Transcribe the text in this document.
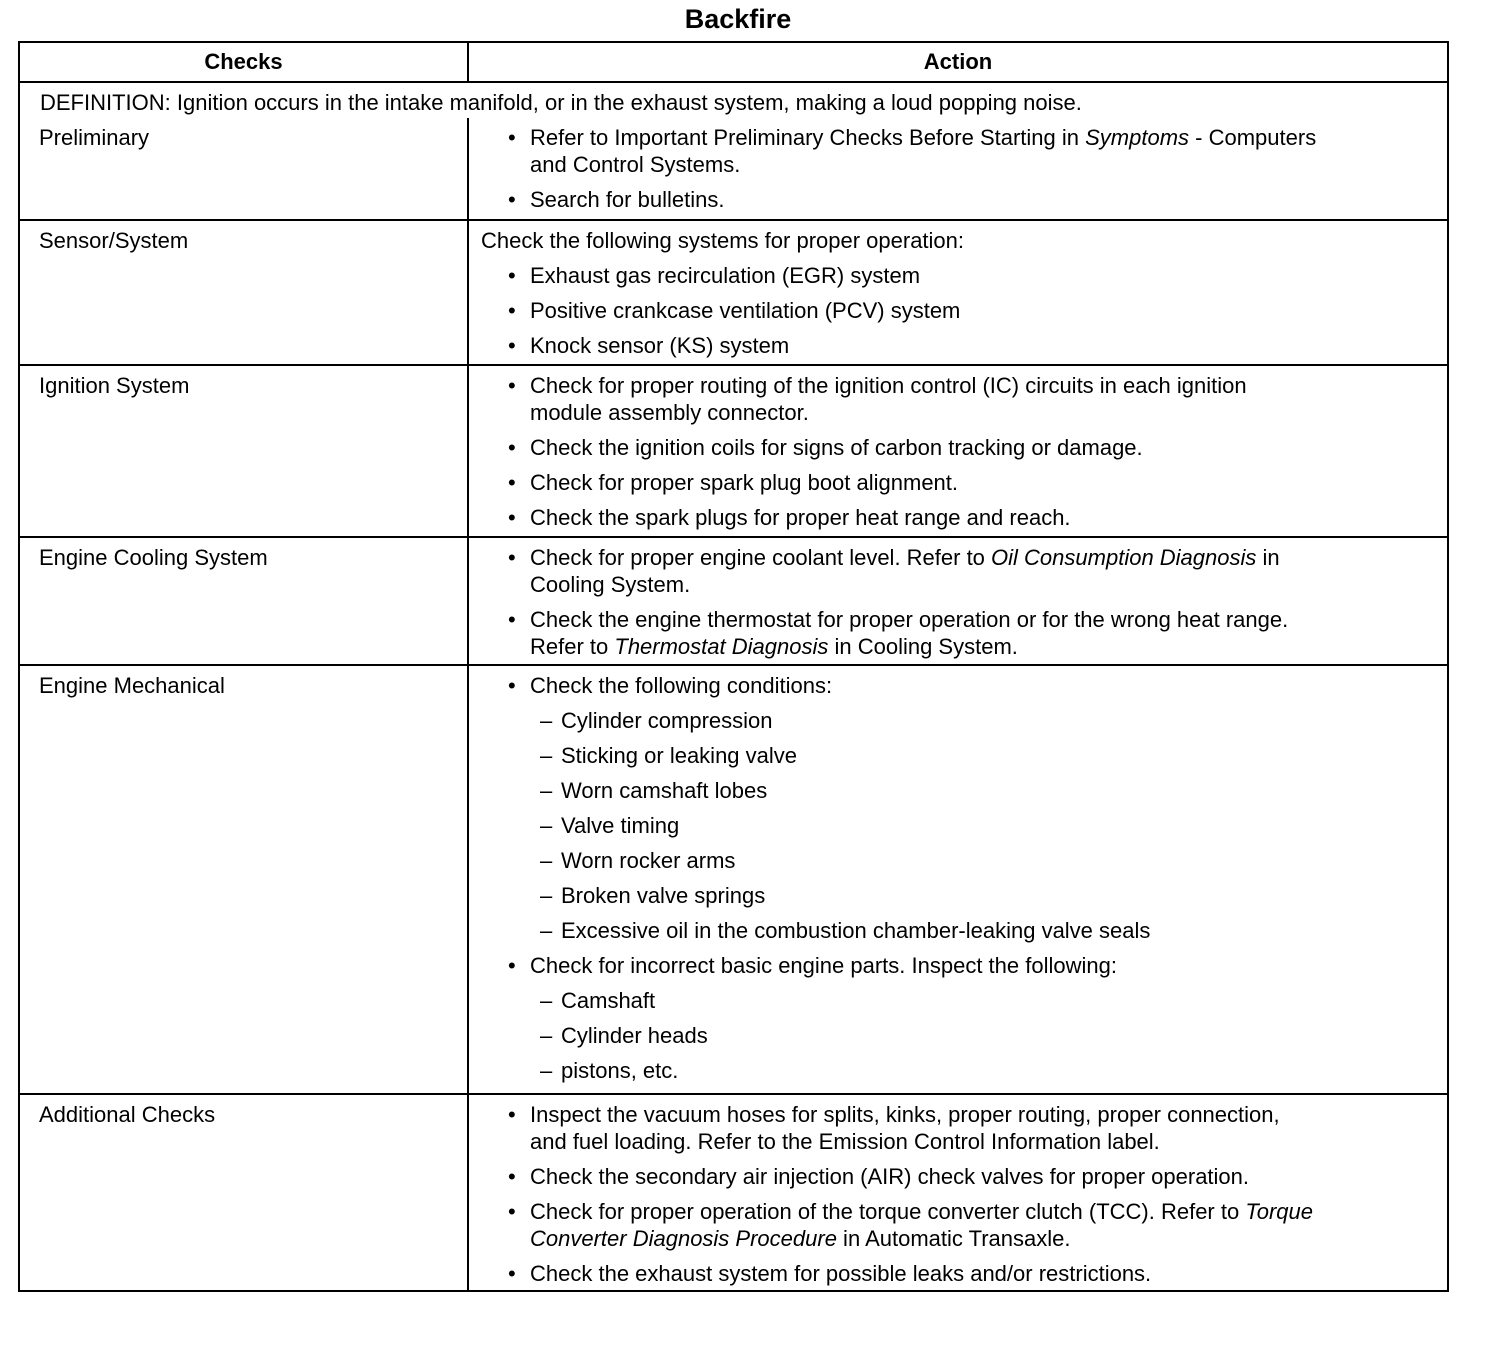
Backfire
Checks	Action
DEFINITION: Ignition occurs in the intake manifold, or in the exhaust system, making a loud popping noise.
Preliminary	• Refer to Important Preliminary Checks Before Starting in Symptoms - Computers
and Control Systems.
• Search for bulletins.
Sensor/System	Check the following systems for proper operation:
• Exhaust gas recirculation (EGR) system
• Positive crankcase ventilation (PCV) system
• Knock sensor (KS) system
Ignition System	• Check for proper routing of the ignition control (IC) circuits in each ignition
module assembly connector.
• Check the ignition coils for signs of carbon tracking or damage.
• Check for proper spark plug boot alignment.
• Check the spark plugs for proper heat range and reach.
Engine Cooling System	• Check for proper engine coolant level. Refer to Oil Consumption Diagnosis in
Cooling System.
• Check the engine thermostat for proper operation or for the wrong heat range.
Refer to Thermostat Diagnosis in Cooling System.
Engine Mechanical	• Check the following conditions:
– Cylinder compression
– Sticking or leaking valve
– Worn camshaft lobes
– Valve timing
– Worn rocker arms
– Broken valve springs
– Excessive oil in the combustion chamber-leaking valve seals
• Check for incorrect basic engine parts. Inspect the following:
– Camshaft
– Cylinder heads
– pistons, etc.
Additional Checks	• Inspect the vacuum hoses for splits, kinks, proper routing, proper connection,
and fuel loading. Refer to the Emission Control Information label.
• Check the secondary air injection (AIR) check valves for proper operation.
• Check for proper operation of the torque converter clutch (TCC). Refer to Torque
Converter Diagnosis Procedure in Automatic Transaxle.
• Check the exhaust system for possible leaks and/or restrictions.
